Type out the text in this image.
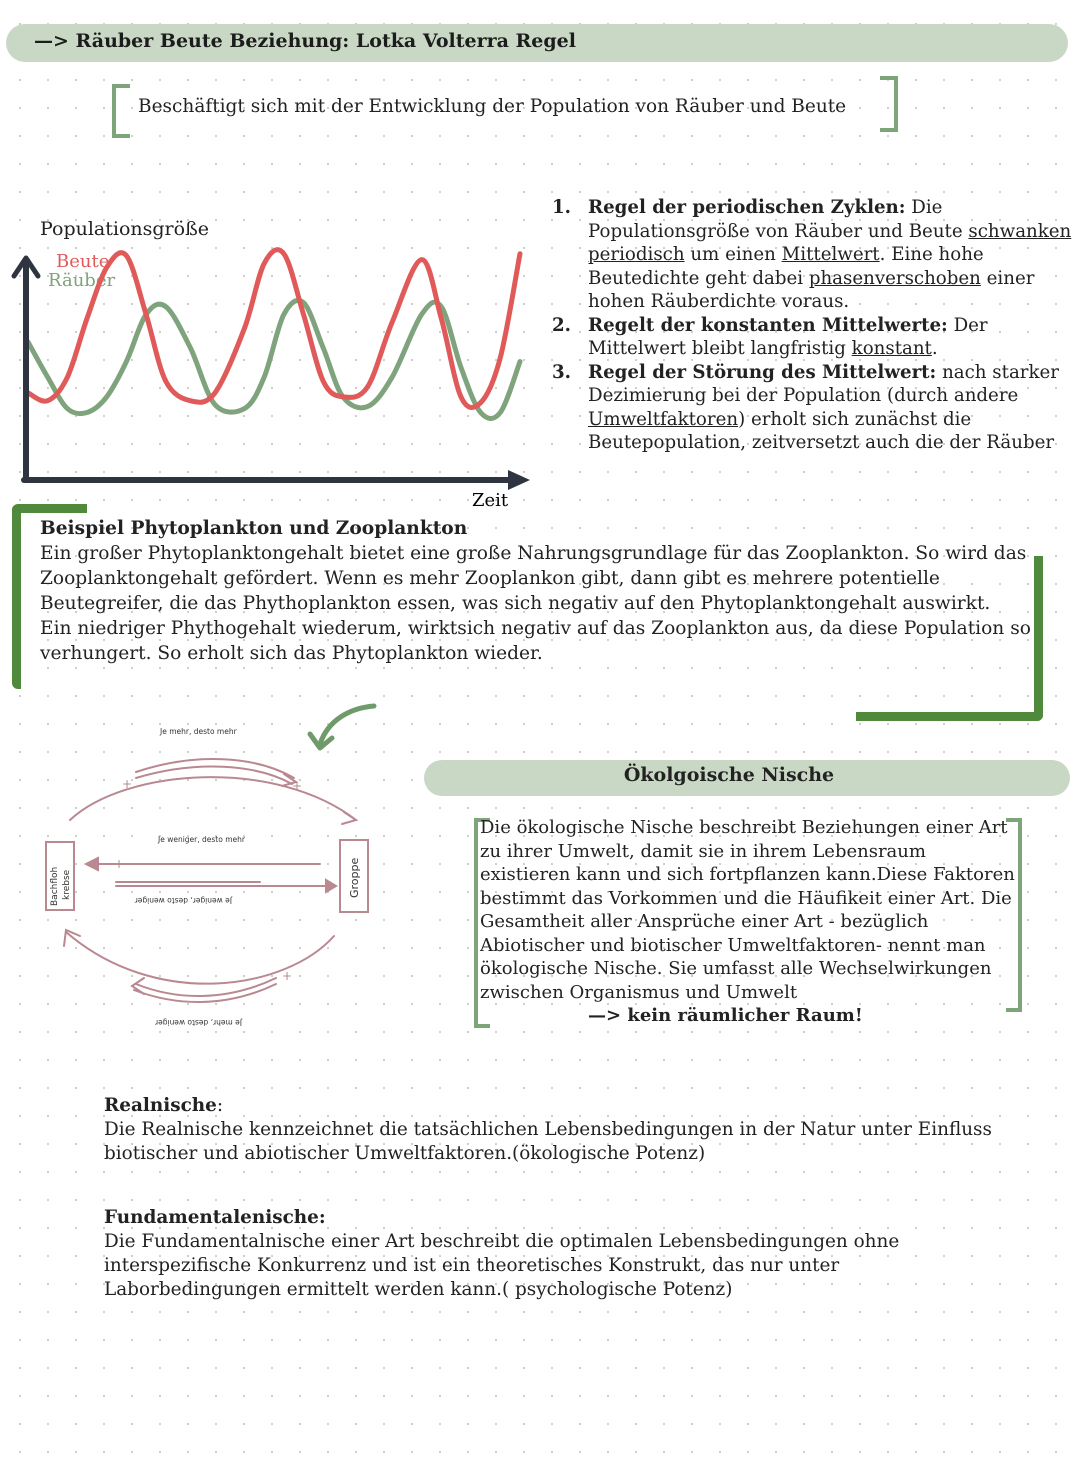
—> Räuber Beute Beziehung: Lotka Volterra Regel
Beschäftigt sich mit der Entwicklung der Population von Räuber und Beute
Populationsgröße
Beute
Räuber
Zeit
1. Regel der periodischen Zyklen: Die Populationsgröße von Räuber und Beute schwanken periodisch um einen Mittelwert. Eine hohe Beutedichte geht dabei phasenverschoben einer hohen Räuberdichte voraus.
2. Regelt der konstanten Mittelwerte: Der Mittelwert bleibt langfristig konstant.
3. Regel der Störung des Mittelwert: nach starker Dezimierung bei der Population (durch andere Umweltfaktoren) erholt sich zunächst die Beutepopulation, zeitversetzt auch die der Räuber
Beispiel Phytoplankton und Zooplankton

Ein großer Phytoplanktongehalt bietet eine große Nahrungsgrundlage für das Zooplankton. So wird das Zooplanktongehalt gefördert. Wenn es mehr Zooplankon gibt, dann gibt es mehrere potentielle Beutegreifer, die das Phythoplankton essen, was sich negativ auf den Phytoplanktongehalt auswirkt.

Ein niedriger Phythogehalt wiederum, wirktsich negativ auf das Zooplankton aus, da diese Population so verhungert. So erholt sich das Phytoplankton wieder.

Bachfloh krebse	Groppe
Je mehr, desto mehr
Je weniger, desto mehr
Je weniger, desto weniger
Je mehr, desto weniger
+	+
+
+
-
-
Ökolgoische Nische

Die ökologische Nische beschreibt Beziehungen einer Art zu ihrer Umwelt, damit sie in ihrem Lebensraum existieren kann und sich fortpflanzen kann.Diese Faktoren bestimmt das Vorkommen und die Häufikeit einer Art. Die Gesamtheit aller Ansprüche einer Art - bezüglich Abiotischer und biotischer Umweltfaktoren- nennt man ökologische Nische. Sie umfasst alle Wechselwirkungen zwischen Organismus und Umwelt

—> kein räumlicher Raum!

Realnische:

Die Realnische kennzeichnet die tatsächlichen Lebensbedingungen in der Natur unter Einfluss biotischer und abiotischer Umweltfaktoren.(ökologische Potenz)

Fundamentalenische:

Die Fundamentalnische einer Art beschreibt die optimalen Lebensbedingungen ohne interspezifische Konkurrenz und ist ein theoretisches Konstrukt, das nur unter Laborbedingungen ermittelt werden kann.( psychologische Potenz)
